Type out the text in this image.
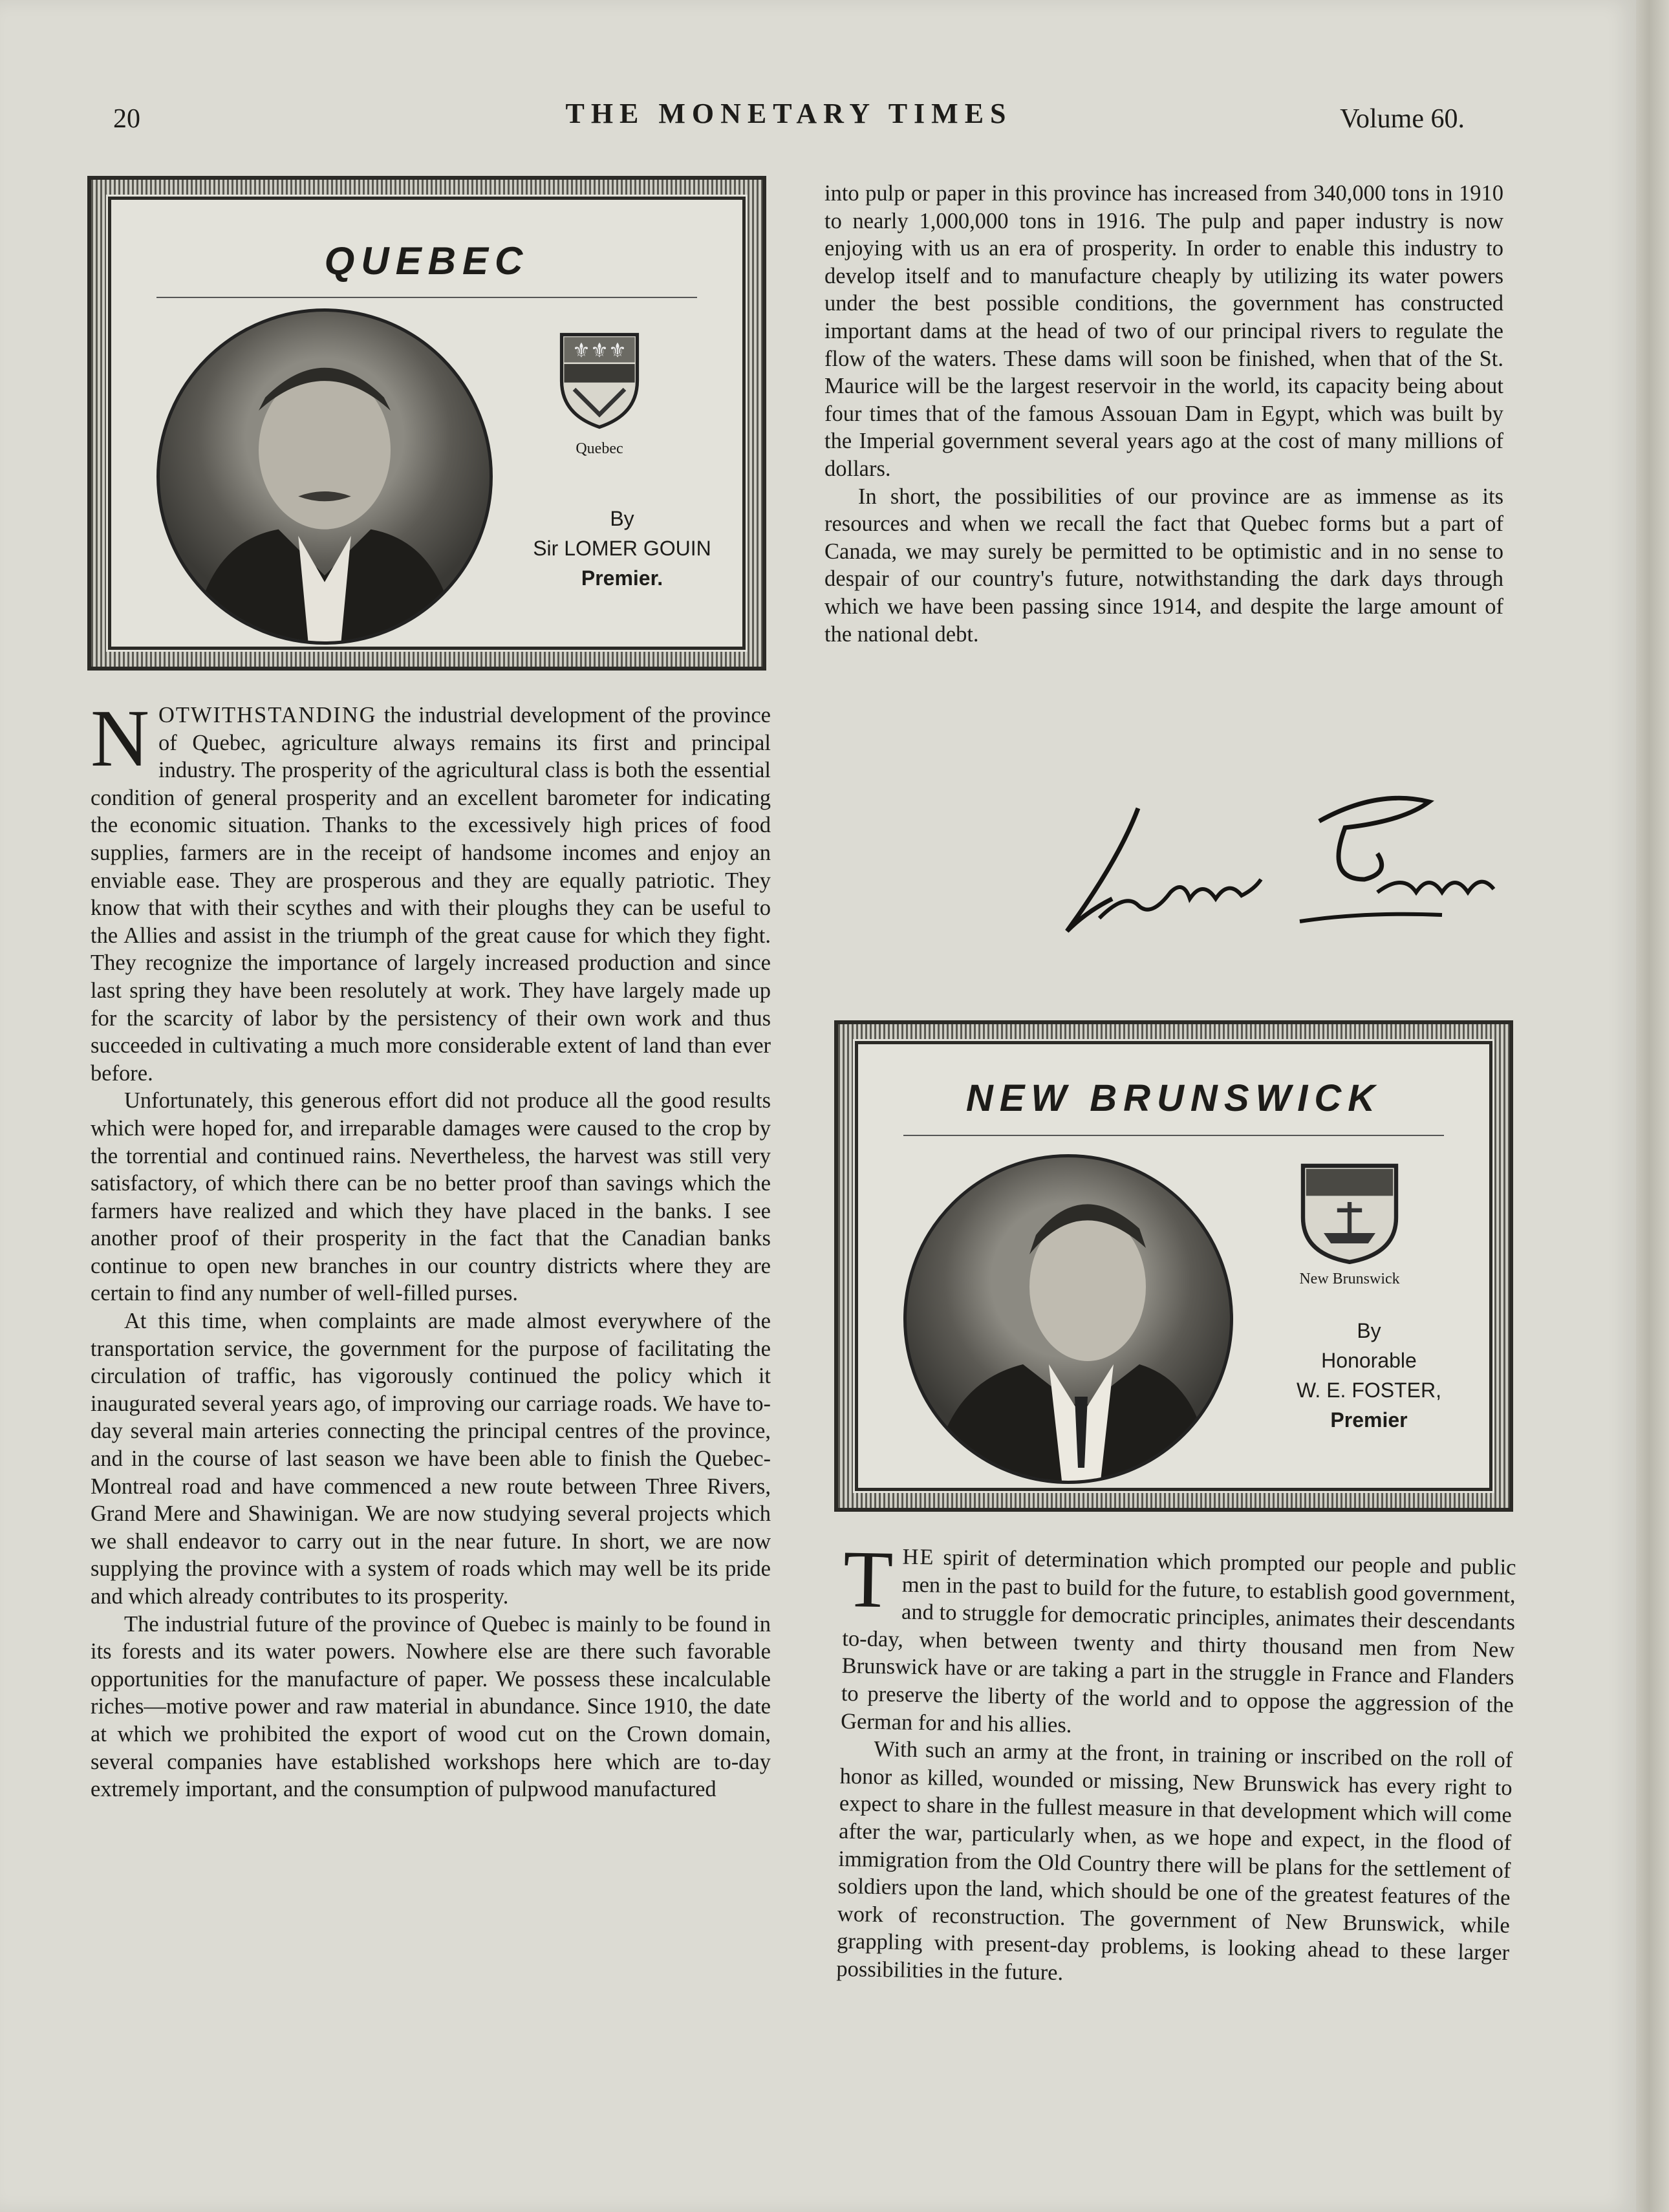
20	THE MONETARY TIMES	Volume 60.
QUEBEC
⚜⚜⚜
Quebec
By
Sir LOMER GOUIN
Premier.

NOTWITHSTANDING the industrial development of the province of Quebec, agriculture always remains its first and principal industry. The prosperity of the agricultural class is both the essential condition of general prosperity and an excellent barometer for indicating the economic situation. Thanks to the excessively high prices of food supplies, farmers are in the receipt of handsome incomes and enjoy an enviable ease. They are prosperous and they are equally patriotic. They know that with their scythes and with their ploughs they can be useful to the Allies and assist in the triumph of the great cause for which they fight. They recognize the importance of largely increased production and since last spring they have been resolutely at work. They have largely made up for the scarcity of labor by the persistency of their own work and thus succeeded in cultivating a much more considerable extent of land than ever before.

Unfortunately, this generous effort did not produce all the good results which were hoped for, and irreparable damages were caused to the crop by the torrential and continued rains. Nevertheless, the harvest was still very satisfactory, of which there can be no better proof than savings which the farmers have realized and which they have placed in the banks. I see another proof of their prosperity in the fact that the Canadian banks continue to open new branches in our country districts where they are certain to find any number of well-filled purses.

At this time, when complaints are made almost everywhere of the transportation service, the government for the purpose of facilitating the circulation of traffic, has vigorously continued the policy which it inaugurated several years ago, of improving our carriage roads. We have to-day several main arteries connecting the principal centres of the province, and in the course of last season we have been able to finish the Quebec-Montreal road and have commenced a new route between Three Rivers, Grand Mere and Shawinigan. We are now studying several projects which we shall endeavor to carry out in the near future. In short, we are now supplying the province with a system of roads which may well be its pride and which already contributes to its prosperity.

The industrial future of the province of Quebec is mainly to be found in its forests and its water powers. Nowhere else are there such favorable opportunities for the manufacture of paper. We possess these incalculable riches—motive power and raw material in abundance. Since 1910, the date at which we prohibited the export of wood cut on the Crown domain, several companies have established workshops here which are to-day extremely important, and the consumption of pulpwood manufactured

into pulp or paper in this province has increased from 340,000 tons in 1910 to nearly 1,000,000 tons in 1916. The pulp and paper industry is now enjoying with us an era of prosperity. In order to enable this industry to develop itself and to manufacture cheaply by utilizing its water powers under the best possible conditions, the government has constructed important dams at the head of two of our principal rivers to regulate the flow of the waters. These dams will soon be finished, when that of the St. Maurice will be the largest reservoir in the world, its capacity being about four times that of the famous Assouan Dam in Egypt, which was built by the Imperial government several years ago at the cost of many millions of dollars.

In short, the possibilities of our province are as immense as its resources and when we recall the fact that Quebec forms but a part of Canada, we may surely be permitted to be optimistic and in no sense to despair of our country's future, notwithstanding the dark days through which we have been passing since 1914, and despite the large amount of the national debt.

NEW BRUNSWICK
New Brunswick
By
Honorable
W. E. FOSTER,
Premier

THE spirit of determination which prompted our people and public men in the past to build for the future, to establish good government, and to struggle for democratic principles, animates their descendants to-day, when between twenty and thirty thousand men from New Brunswick have or are taking a part in the struggle in France and Flanders to preserve the liberty of the world and to oppose the aggression of the German for and his allies.

With such an army at the front, in training or inscribed on the roll of honor as killed, wounded or missing, New Brunswick has every right to expect to share in the fullest measure in that development which will come after the war, particularly when, as we hope and expect, in the flood of immigration from the Old Country there will be plans for the settlement of soldiers upon the land, which should be one of the greatest features of the work of reconstruction. The government of New Brunswick, while grappling with present-day problems, is looking ahead to these larger possibilities in the future.
